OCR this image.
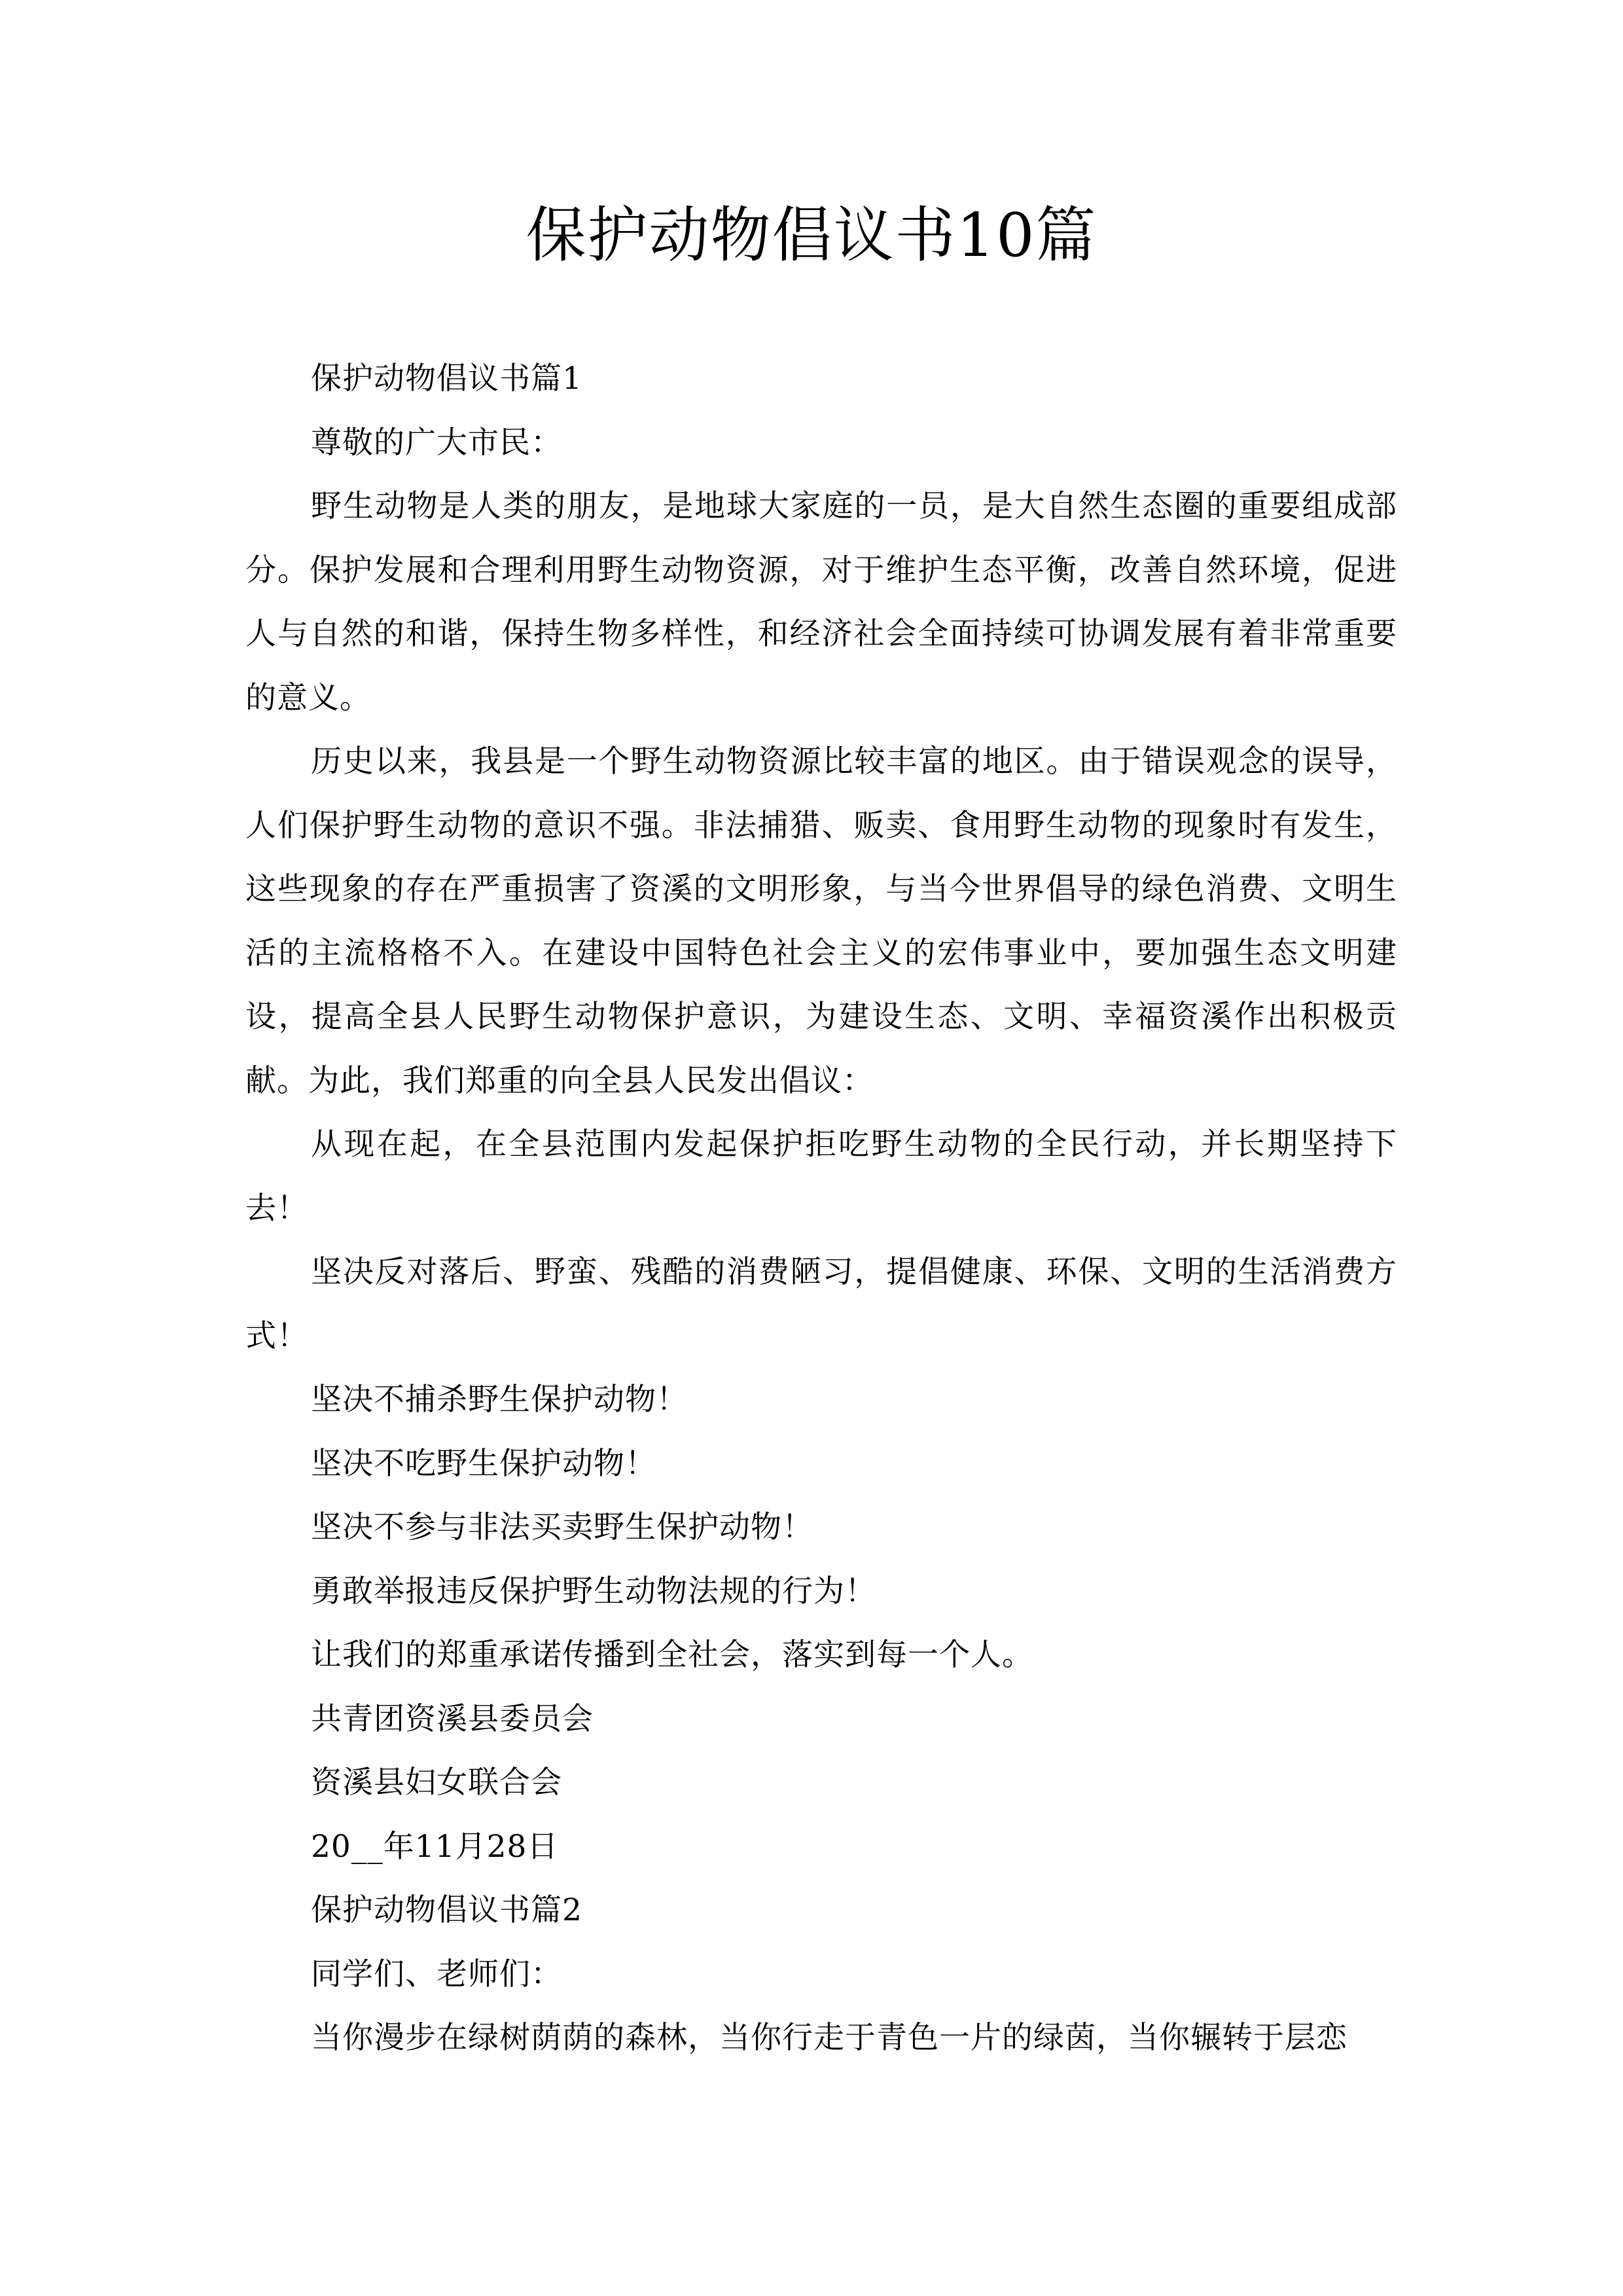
保护动物倡议书10篇

保护动物倡议书篇1

尊敬的广大市民：

野生动物是人类的朋友，是地球大家庭的一员，是大自然生态圈的重要组成部分。保护发展和合理利用野生动物资源，对于维护生态平衡，改善自然环境，促进人与自然的和谐，保持生物多样性，和经济社会全面持续可协调发展有着非常重要的意义。

历史以来，我县是一个野生动物资源比较丰富的地区。由于错误观念的误导，人们保护野生动物的意识不强。非法捕猎、贩卖、食用野生动物的现象时有发生，这些现象的存在严重损害了资溪的文明形象，与当今世界倡导的绿色消费、文明生活的主流格格不入。在建设中国特色社会主义的宏伟事业中，要加强生态文明建设，提高全县人民野生动物保护意识，为建设生态、文明、幸福资溪作出积极贡献。为此，我们郑重的向全县人民发出倡议：

从现在起，在全县范围内发起保护拒吃野生动物的全民行动，并长期坚持下去！

坚决反对落后、野蛮、残酷的消费陋习，提倡健康、环保、文明的生活消费方式！

坚决不捕杀野生保护动物！

坚决不吃野生保护动物！

坚决不参与非法买卖野生保护动物！

勇敢举报违反保护野生动物法规的行为！

让我们的郑重承诺传播到全社会，落实到每一个人。

共青团资溪县委员会

资溪县妇女联合会

20__年11月28日

保护动物倡议书篇2

同学们、老师们：

当你漫步在绿树荫荫的森林，当你行走于青色一片的绿茵，当你辗转于层恋
